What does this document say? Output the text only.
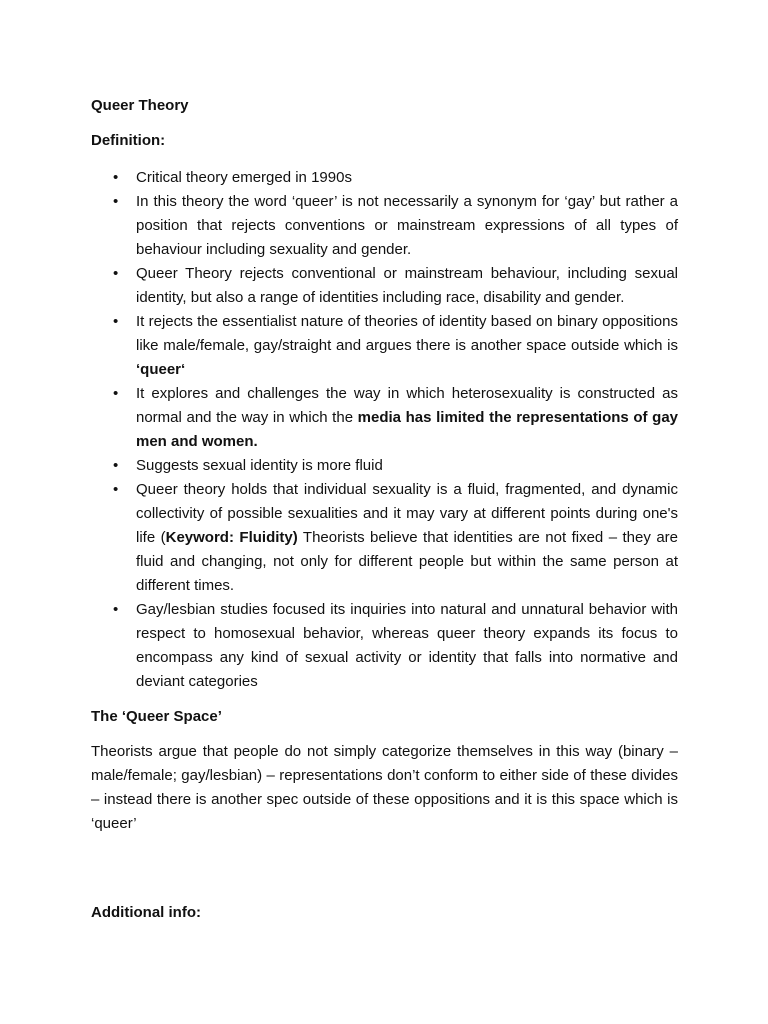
Queer Theory
Definition:
• Critical theory emerged in 1990s
• In this theory the word ‘queer’ is not necessarily a synonym for ‘gay’ but rather a position that rejects conventions or mainstream expressions of all types of behaviour including sexuality and gender.
• Queer Theory rejects conventional or mainstream behaviour, including sexual identity, but also a range of identities including race, disability and gender.
• It rejects the essentialist nature of theories of identity based on binary oppositions like male/female, gay/straight and argues there is another space outside which is ‘queer‘
• It explores and challenges the way in which heterosexuality is constructed as normal and the way in which the media has limited the representations of gay men and women.
• Suggests sexual identity is more fluid
• Queer theory holds that individual sexuality is a fluid, fragmented, and dynamic collectivity of possible sexualities and it may vary at different points during one's life (Keyword: Fluidity) Theorists believe that identities are not fixed – they are fluid and changing, not only for different people but within the same person at different times.
• Gay/lesbian studies focused its inquiries into natural and unnatural behavior with respect to homosexual behavior, whereas queer theory expands its focus to encompass any kind of sexual activity or identity that falls into normative and deviant categories
The ‘Queer Space’
Theorists argue that people do not simply categorize themselves in this way (binary – male/female; gay/lesbian) – representations don’t conform to either side of these divides – instead there is another spec outside of these oppositions and it is this space which is ‘queer’
Additional info:
